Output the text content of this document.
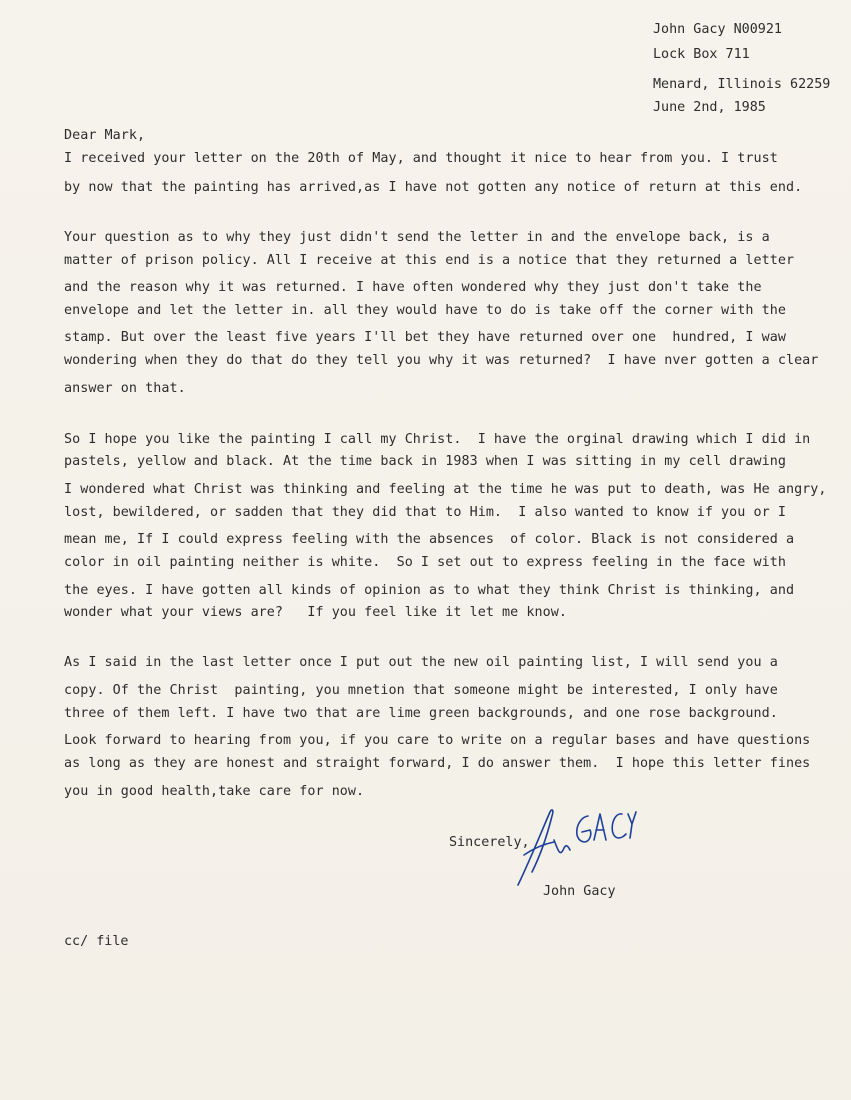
John Gacy N00921
Lock Box 711
Menard, Illinois 62259
June 2nd, 1985
Dear Mark,
I received your letter on the 20th of May, and thought it nice to hear from you. I trust
by now that the painting has arrived,as I have not gotten any notice of return at this end.
Your question as to why they just didn't send the letter in and the envelope back, is a
matter of prison policy. All I receive at this end is a notice that they returned a letter
and the reason why it was returned. I have often wondered why they just don't take the
envelope and let the letter in. all they would have to do is take off the corner with the
stamp. But over the least five years I'll bet they have returned over one  hundred, I waw
wondering when they do that do they tell you why it was returned?  I have nver gotten a clear
answer on that.
So I hope you like the painting I call my Christ.  I have the orginal drawing which I did in
pastels, yellow and black. At the time back in 1983 when I was sitting in my cell drawing
I wondered what Christ was thinking and feeling at the time he was put to death, was He angry,
lost, bewildered, or sadden that they did that to Him.  I also wanted to know if you or I
mean me, If I could express feeling with the absences  of color. Black is not considered a
color in oil painting neither is white.  So I set out to express feeling in the face with
the eyes. I have gotten all kinds of opinion as to what they think Christ is thinking, and
wonder what your views are?   If you feel like it let me know.
As I said in the last letter once I put out the new oil painting list, I will send you a
copy. Of the Christ  painting, you mnetion that someone might be interested, I only have
three of them left. I have two that are lime green backgrounds, and one rose background.
Look forward to hearing from you, if you care to write on a regular bases and have questions
as long as they are honest and straight forward, I do answer them.  I hope this letter fines
you in good health,take care for now.
Sincerely,
John Gacy
cc/ file
